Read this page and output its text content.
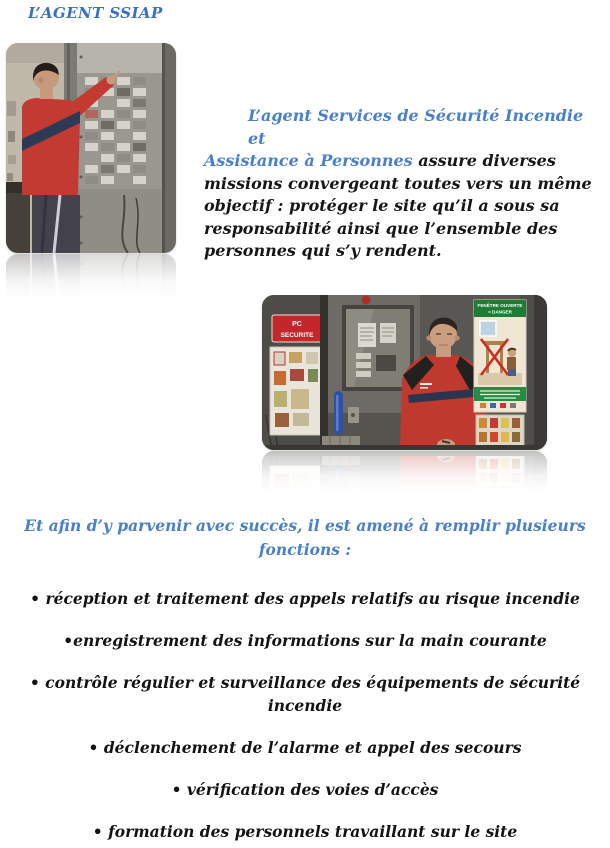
L’AGENT SSIAP

L’agent Services de Sécurité Incendie et
Assistance à Personnes assure diverses
missions convergeant toutes vers un même
objectif : protéger le site qu’il a sous sa
responsabilité ainsi que l’ensemble des
personnes qui s’y rendent.

PC
SECURITE
FENÊTRE OUVERTE
= DANGER
Et afin d’y parvenir avec succès, il est amené à remplir plusieurs fonctions :
• réception et traitement des appels relatifs au risque incendie
•enregistrement des informations sur la main courante
• contrôle régulier et surveillance des équipements de sécurité incendie
• déclenchement de l’alarme et appel des secours
• vérification des voies d’accès
• formation des personnels travaillant sur le site
